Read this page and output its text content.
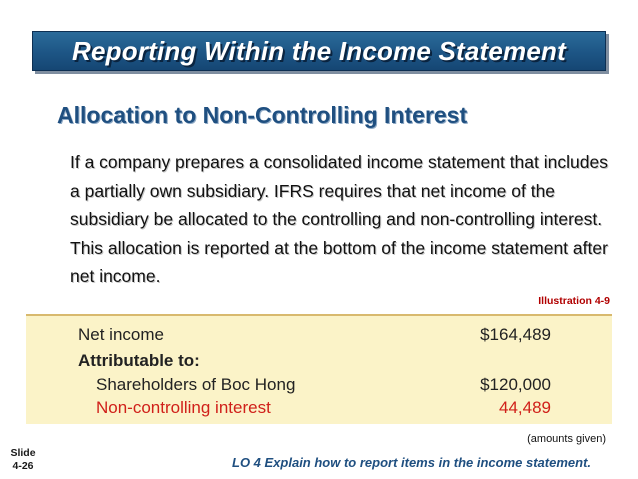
Reporting Within the Income Statement
Allocation to Non-Controlling Interest

If a company prepares a consolidated income statement that includes a partially own subsidiary. IFRS requires that net income of the subsidiary be allocated to the controlling and non-controlling interest. This allocation is reported at the bottom of the income statement after net income.

Illustration 4-9
Net income	$164,489
Attributable to:
Shareholders of Boc Hong	$120,000
Non-controlling interest	44,489
(amounts given)
Slide
4-26	LO 4 Explain how to report items in the income statement.
